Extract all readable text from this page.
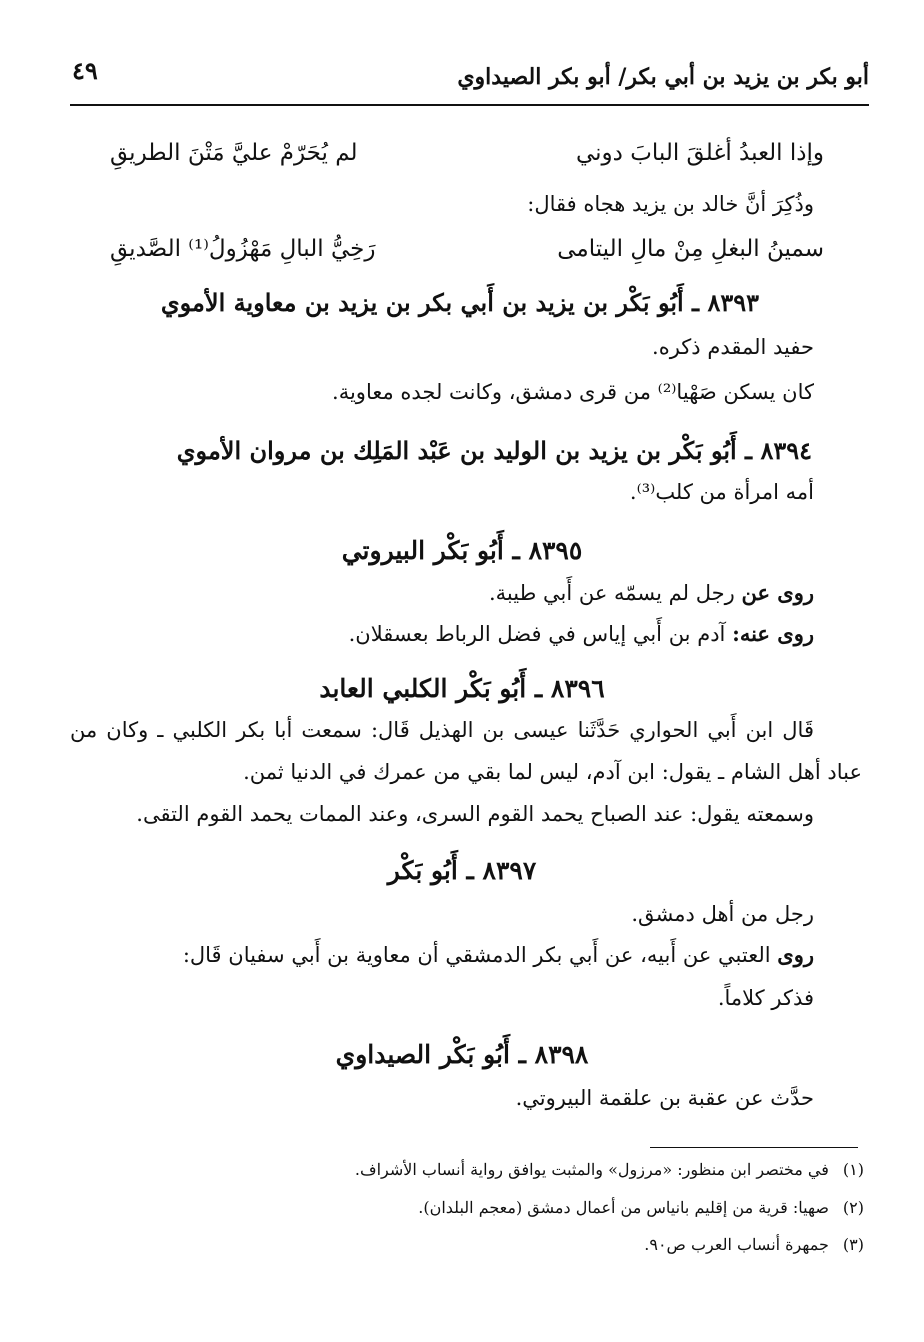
أبو بكر بن يزيد بن أبي بكر/ أبو بكر الصيداوي
٤٩
وإذا العبدُ أغلقَ البابَ دوني
لم يُحَرّمْ عليَّ مَتْنَ الطريقِ
وذُكِرَ أنَّ خالد بن يزيد هجاه فقال:
سمينُ البغلِ مِنْ مالِ اليتامى
رَخِيُّ البالِ مَهْزُولُ⁽¹⁾ الصَّديقِ
٨٣٩٣ ـ أَبُو بَكْر بن يزيد بن أَبي بكر بن يزيد بن معاوية الأموي
حفيد المقدم ذكره.
كان يسكن صَهْيا⁽²⁾ من قرى دمشق، وكانت لجده معاوية.
٨٣٩٤ ـ أَبُو بَكْر بن يزيد بن الوليد بن عَبْد المَلِك بن مروان الأموي
أمه امرأة من كلب⁽³⁾.
٨٣٩٥ ـ أَبُو بَكْر البيروتي
روى عن رجل لم يسمّه عن أَبي طيبة.
روى عنه: آدم بن أَبي إياس في فضل الرباط بعسقلان.
٨٣٩٦ ـ أَبُو بَكْر الكلبي العابد
قَال ابن أَبي الحواري حَدَّثَنا عيسى بن الهذيل قَال: سمعت أبا بكر الكلبي ـ وكان من
عباد أهل الشام ـ يقول: ابن آدم، ليس لما بقي من عمرك في الدنيا ثمن.
وسمعته يقول: عند الصباح يحمد القوم السرى، وعند الممات يحمد القوم التقى.
٨٣٩٧ ـ أَبُو بَكْر
رجل من أهل دمشق.
روى العتبي عن أَبيه، عن أَبي بكر الدمشقي أن معاوية بن أَبي سفيان قَال:
فذكر كلاماً.
٨٣٩٨ ـ أَبُو بَكْر الصيداوي
حدَّث عن عقبة بن علقمة البيروتي.
(١)في مختصر ابن منظور: «مرزول» والمثبت يوافق رواية أنساب الأشراف.
(٢)صهيا: قرية من إقليم بانياس من أعمال دمشق (معجم البلدان).
(٣)جمهرة أنساب العرب ص٩٠.
